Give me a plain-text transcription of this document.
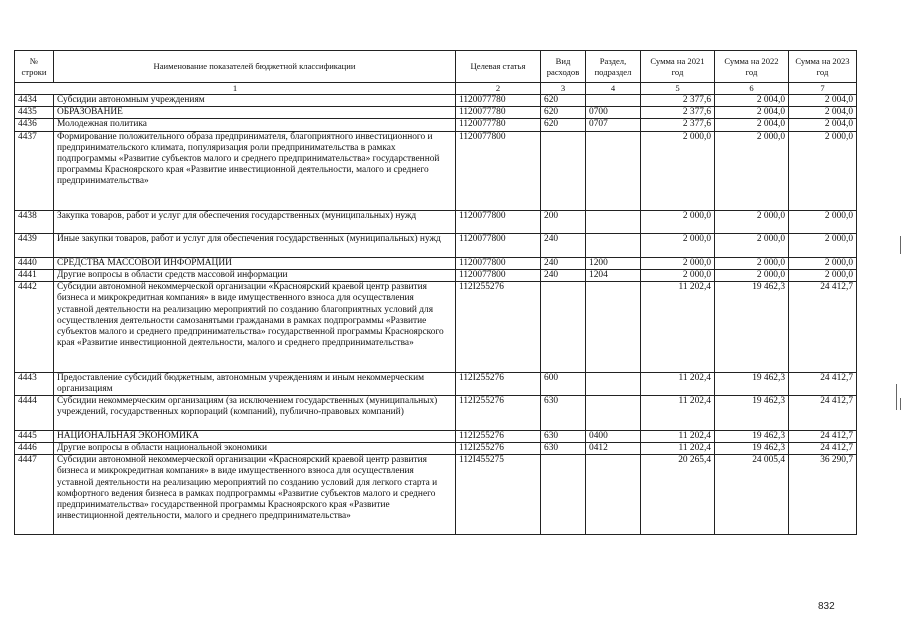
№ строки	Наименование показателей бюджетной классификации	Целевая статья	Вид расходов	Раздел, подраздел	Сумма на 2021 год	Сумма на 2022 год	Сумма на 2023 год
1		2	3	4	5	6	7
4434	Субсидии автономным учреждениям	1120077780	620		2 377,6	2 004,0	2 004,0
4435	ОБРАЗОВАНИЕ	1120077780	620	0700	2 377,6	2 004,0	2 004,0
4436	Молодежная политика	1120077780	620	0707	2 377,6	2 004,0	2 004,0
4437	Формирование положительного образа предпринимателя, благоприятного инвестиционного и предпринимательского климата, популяризация роли предпринимательства в рамках подпрограммы «Развитие субъектов малого и среднего предпринимательства» государственной программы Красноярского края «Развитие инвестиционной деятельности, малого и среднего предпринимательства»	1120077800			2 000,0	2 000,0	2 000,0
4438	Закупка товаров, работ и услуг для обеспечения государственных (муниципальных) нужд	1120077800	200		2 000,0	2 000,0	2 000,0
4439	Иные закупки товаров, работ и услуг для обеспечения государственных (муниципальных) нужд	1120077800	240		2 000,0	2 000,0	2 000,0
4440	СРЕДСТВА МАССОВОЙ ИНФОРМАЦИИ	1120077800	240	1200	2 000,0	2 000,0	2 000,0
4441	Другие вопросы в области средств массовой информации	1120077800	240	1204	2 000,0	2 000,0	2 000,0
4442	Субсидии автономной некоммерческой организации «Красноярский краевой центр развития бизнеса и микрокредитная компания» в виде имущественного взноса для осуществления уставной деятельности на реализацию мероприятий по созданию благоприятных условий для осуществления деятельности самозанятыми гражданами в рамках подпрограммы «Развитие субъектов малого и среднего предпринимательства» государственной программы Красноярского края «Развитие инвестиционной деятельности, малого и среднего предпринимательства»	112I255276			11 202,4	19 462,3	24 412,7
4443	Предоставление субсидий бюджетным, автономным учреждениям и иным некоммерческим организациям	112I255276	600		11 202,4	19 462,3	24 412,7
4444	Субсидии некоммерческим организациям (за исключением государственных (муниципальных) учреждений, государственных корпораций (компаний), публично-правовых компаний)	112I255276	630		11 202,4	19 462,3	24 412,7
4445	НАЦИОНАЛЬНАЯ ЭКОНОМИКА	112I255276	630	0400	11 202,4	19 462,3	24 412,7
4446	Другие вопросы в области национальной экономики	112I255276	630	0412	11 202,4	19 462,3	24 412,7
4447	Субсидии автономной некоммерческой организации «Красноярский краевой центр развития бизнеса и микрокредитная компания» в виде имущественного взноса для осуществления уставной деятельности на реализацию мероприятий по созданию условий для легкого старта и комфортного ведения бизнеса в рамках подпрограммы «Развитие субъектов малого и среднего предпринимательства» государственной программы Красноярского края «Развитие инвестиционной деятельности, малого и среднего предпринимательства»	112I455275			20 265,4	24 005,4	36 290,7
832
